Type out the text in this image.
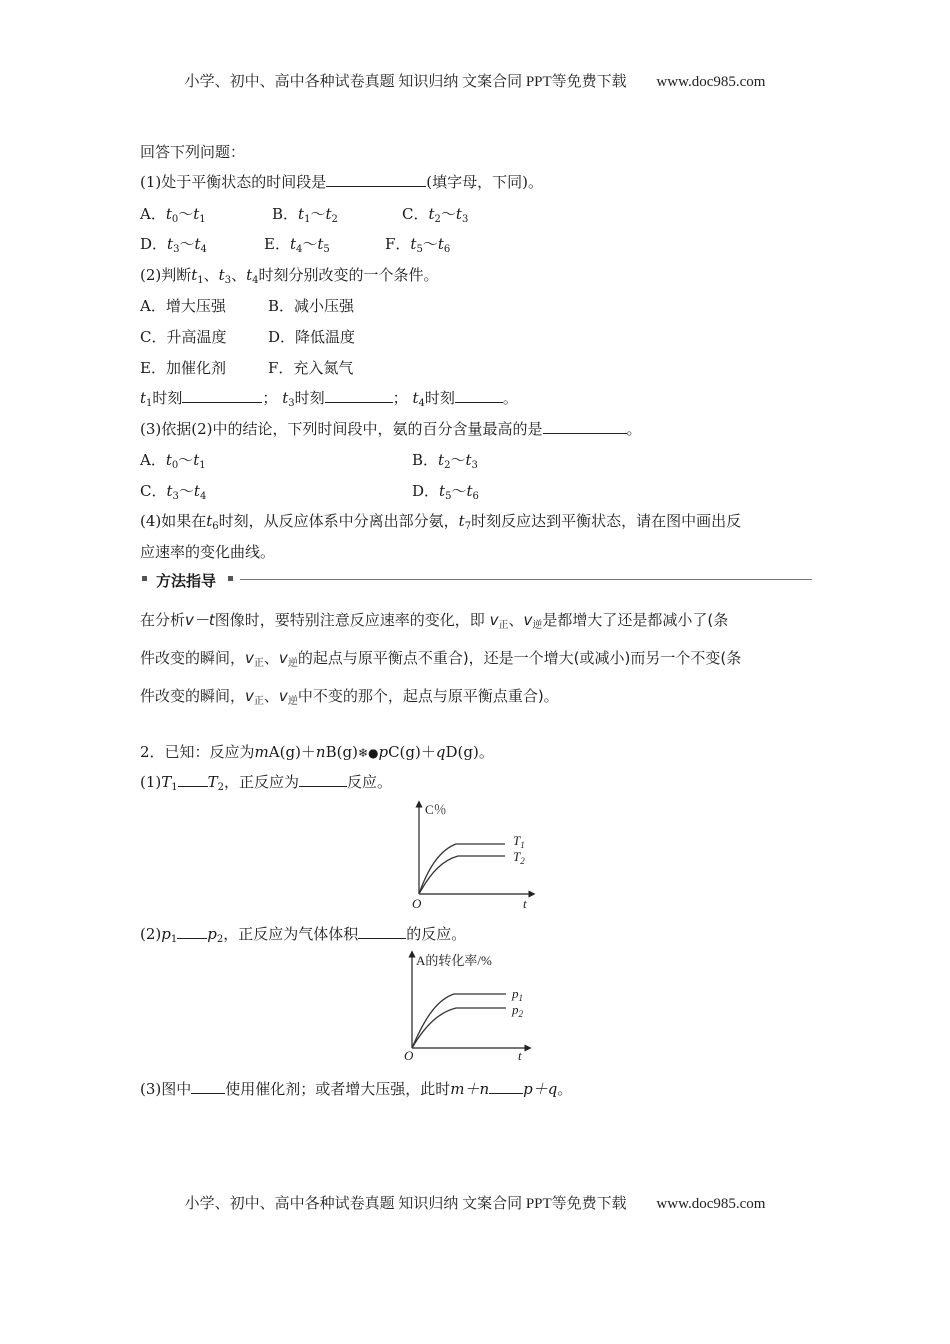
小学、初中、高中各种试卷真题 知识归纳 文案合同 PPT等免费下载 www.doc985.com
回答下列问题：
(1)处于平衡状态的时间段是	(填字母，下同)。
A．$t_0\sim t_1$	B．$t_1\sim t_2$	C．$t_2\sim t_3$
D．$t_3\sim t_4$	E．$t_4\sim t_5$	F．$t_5\sim t_6$
(2)判断$t_1$、$t_3$、$t_4$时刻分别改变的一个条件。
A．增大压强	B．减小压强
C．升高温度	D．降低温度
E．加催化剂	F．充入氮气
$t_1$时刻	； $t_3$时刻	； $t_4$时刻	。
(3)依据(2)中的结论，下列时间段中，氨的百分含量最高的是	。
A．$t_0\sim t_1$	B．$t_2\sim t_3$
C．$t_3\sim t_4$	D．$t_5\sim t_6$
(4)如果在$t_6$时刻，从反应体系中分离出部分氨，$t_7$时刻反应达到平衡状态，请在图中画出反
应速率的变化曲线。
方法指导
在分析v－t图像时，要特别注意反应速率的变化，即 $v_正$、$v_逆$是都增大了还是都减小了(条
件改变的瞬间，$v_正$、$v_逆$的起点与原平衡点不重合)，还是一个增大(或减小)而另一个不变(条
件改变的瞬间，$v_正$、$v_逆$中不变的那个，起点与原平衡点重合)。
2．已知：反应为mA(g)＋nB(g)❄●pC(g)＋qD(g)。
$(1)T_1$ $T_2$，正反应为	反应。
$(2)p_1$ $p_2$，正反应为气体体积	的反应。
(3)图中 使用催化剂；或者增大压强，此时m＋n p＋q。
C％
O	t
$T_1$
$T_2$
A的转化率/%
O	t
$p_1$
$p_2$
小学、初中、高中各种试卷真题 知识归纳 文案合同 PPT等免费下载 www.doc985.com
